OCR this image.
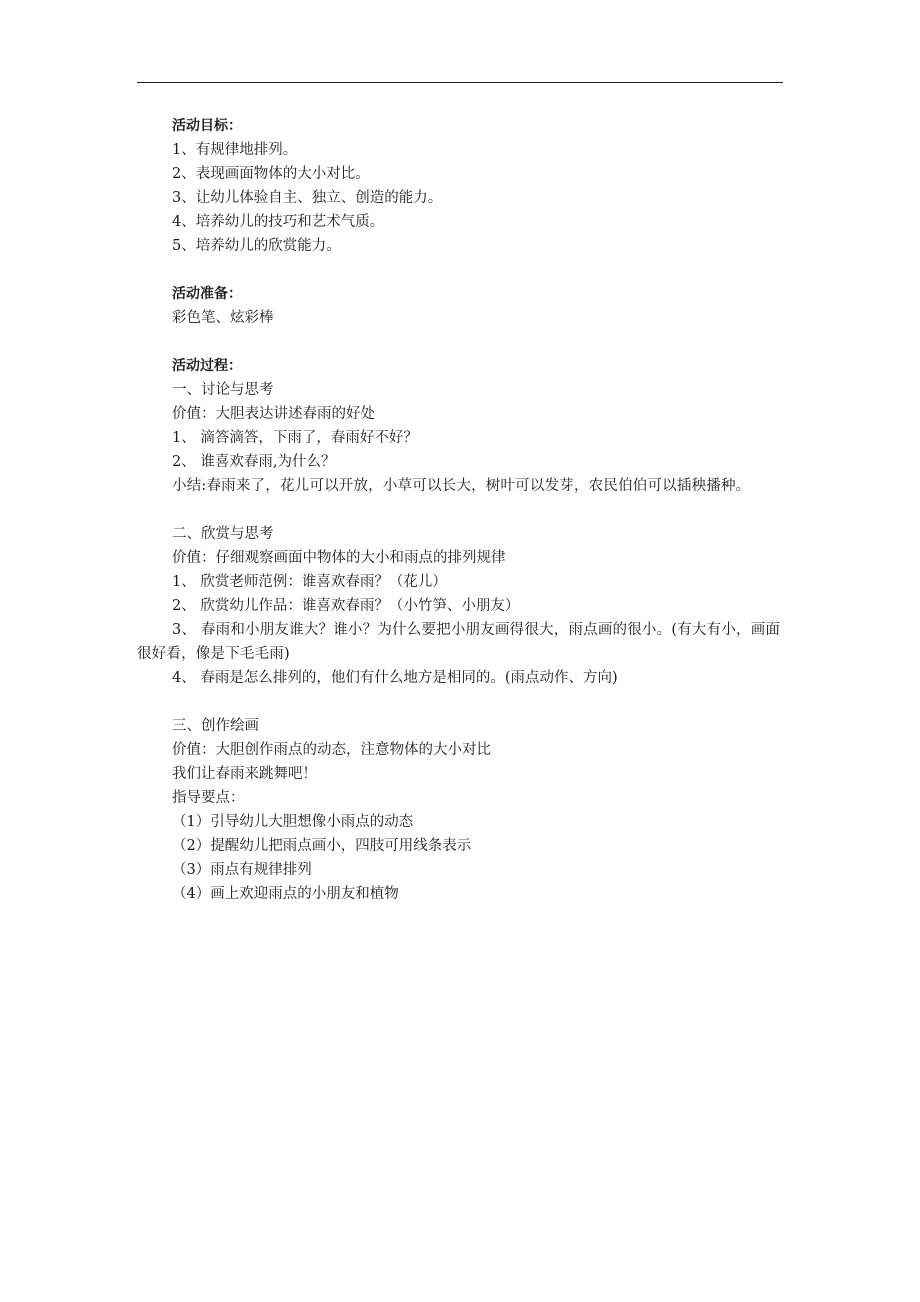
活动目标：
1、有规律地排列。
2、表现画面物体的大小对比。
3、让幼儿体验自主、独立、创造的能力。
4、培养幼儿的技巧和艺术气质。
5、培养幼儿的欣赏能力。
活动准备：
彩色笔、炫彩棒
活动过程：
一、讨论与思考
价值：大胆表达讲述春雨的好处
1、 滴答滴答，下雨了，春雨好不好？
2、 谁喜欢春雨,为什么？
小结:春雨来了，花儿可以开放，小草可以长大，树叶可以发芽，农民伯伯可以插秧播种。
二、欣赏与思考
价值：仔细观察画面中物体的大小和雨点的排列规律
1、 欣赏老师范例：谁喜欢春雨？（花儿）
2、 欣赏幼儿作品：谁喜欢春雨？（小竹笋、小朋友）
3、 春雨和小朋友谁大？谁小？为什么要把小朋友画得很大，雨点画的很小。(有大有小，画面很好看，像是下毛毛雨)
4、 春雨是怎么排列的，他们有什么地方是相同的。(雨点动作、方向)
三、创作绘画
价值：大胆创作雨点的动态，注意物体的大小对比
我们让春雨来跳舞吧！
指导要点：
（1）引导幼儿大胆想像小雨点的动态
（2）提醒幼儿把雨点画小，四肢可用线条表示
（3）雨点有规律排列
（4）画上欢迎雨点的小朋友和植物
